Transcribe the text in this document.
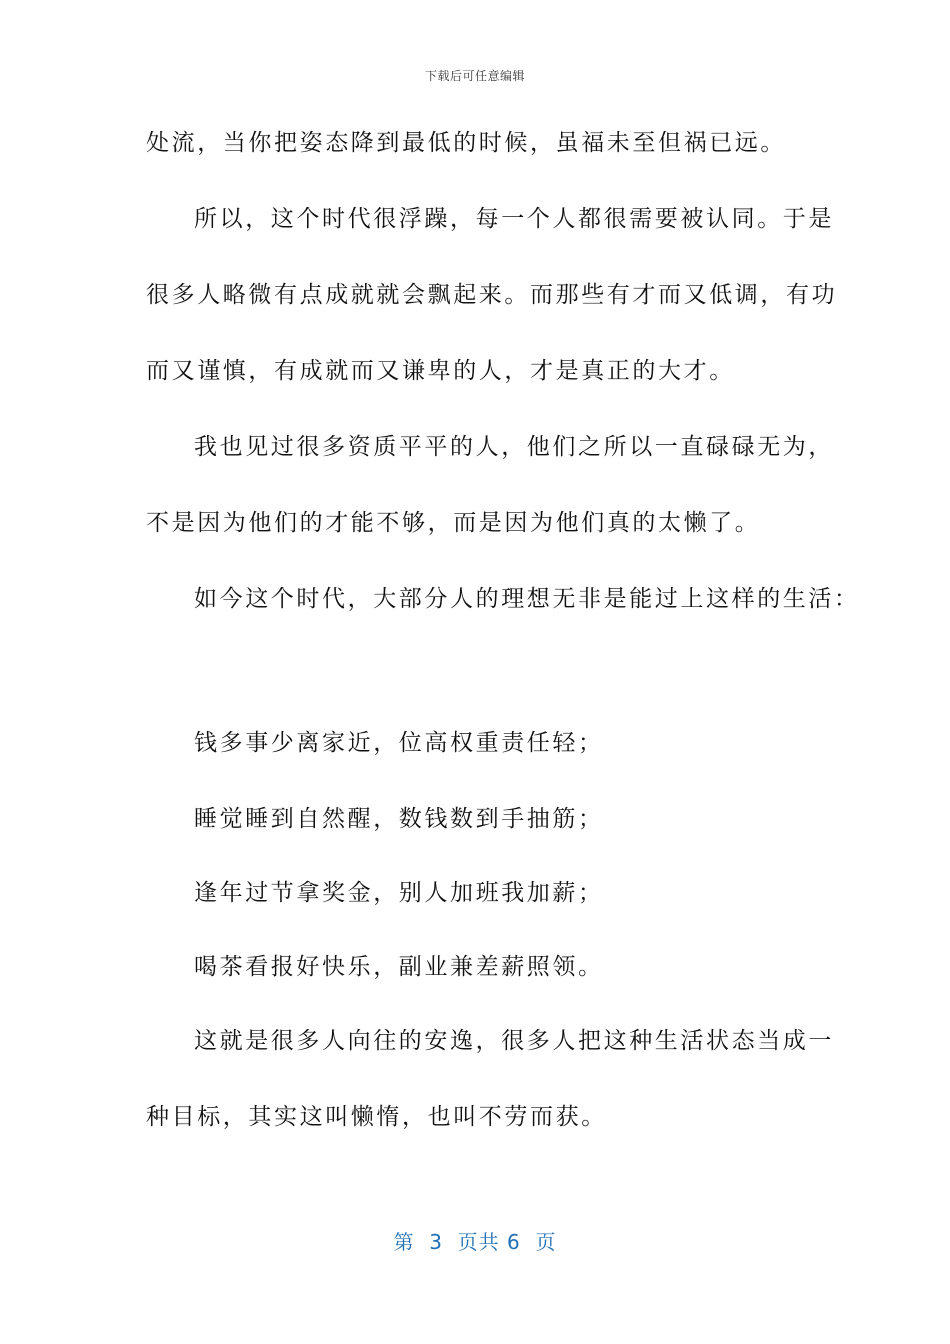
下载后可任意编辑
处流，当你把姿态降到最低的时候，虽福未至但祸已远。
所以，这个时代很浮躁，每一个人都很需要被认同。于是
很多人略微有点成就就会飘起来。而那些有才而又低调，有功
而又谨慎，有成就而又谦卑的人，才是真正的大才。
我也见过很多资质平平的人，他们之所以一直碌碌无为，
不是因为他们的才能不够，而是因为他们真的太懒了。
如今这个时代，大部分人的理想无非是能过上这样的生活：
钱多事少离家近，位高权重责任轻；
睡觉睡到自然醒，数钱数到手抽筋；
逢年过节拿奖金，别人加班我加薪；
喝茶看报好快乐，副业兼差薪照领。
这就是很多人向往的安逸，很多人把这种生活状态当成一
种目标，其实这叫懒惰，也叫不劳而获。
第  3  页共 6  页
